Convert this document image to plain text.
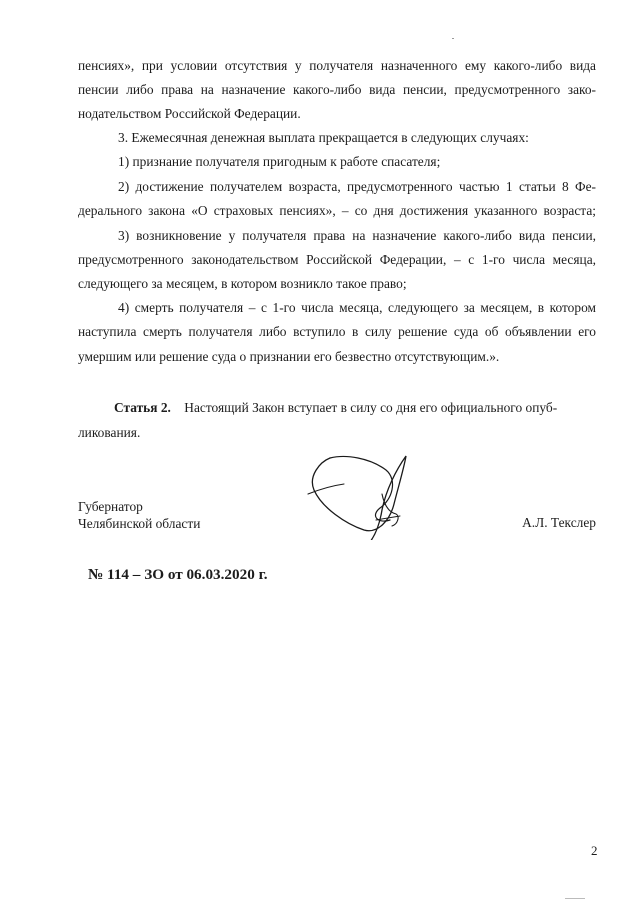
пенсиях», при условии отсутствия у получателя назначенного ему какого-либо вида

пенсии либо права на назначение какого-либо вида пенсии, предусмотренного зако-

нодательством Российской Федерации.

3. Ежемесячная денежная выплата прекращается в следующих случаях:

1) признание получателя пригодным к работе спасателя;

2) достижение получателем возраста, предусмотренного частью 1 статьи 8 Фе-

дерального закона «О страховых пенсиях», – со дня достижения указанного возраста;

3) возникновение у получателя права на назначение какого-либо вида пенсии,

предусмотренного законодательством Российской Федерации, – с 1-го числа месяца,

следующего за месяцем, в котором возникло такое право;

4) смерть получателя – с 1-го числа месяца, следующего за месяцем, в котором

наступила смерть получателя либо вступило в силу решение суда об объявлении его

умершим или решение суда о признании его безвестно отсутствующим.».

Статья 2. Настоящий Закон вступает в силу со дня его официального опуб-

ликования.

Губернатор
Челябинской области	А.Л. Текслер
№ 114 – ЗО от 06.03.2020 г.
2
